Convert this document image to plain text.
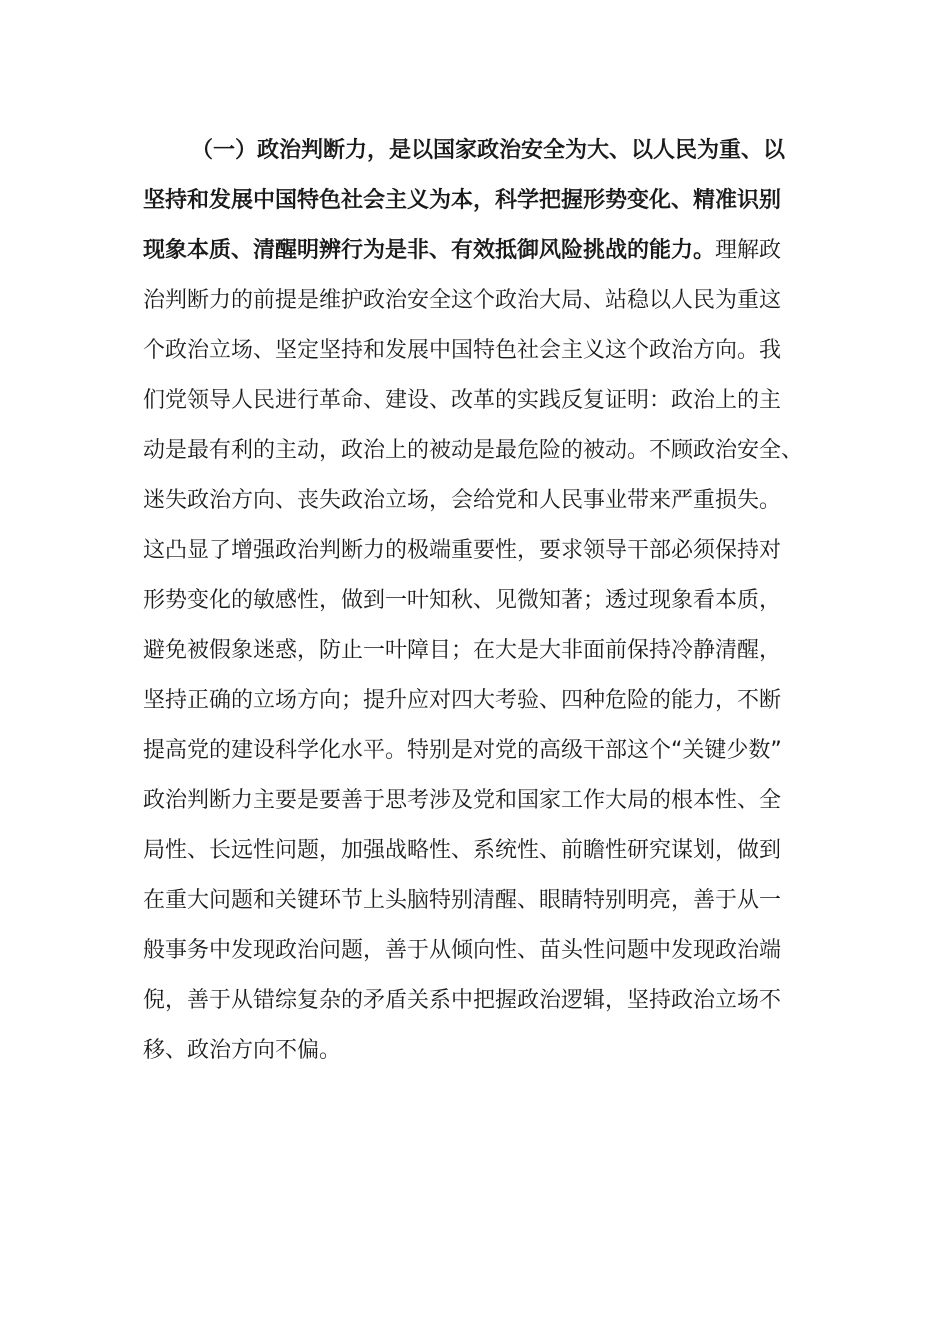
（一）政治判断力，是以国家政治安全为大、以人民为重、以
坚持和发展中国特色社会主义为本，科学把握形势变化、精准识别
现象本质、清醒明辨行为是非、有效抵御风险挑战的能力。理解政
治判断力的前提是维护政治安全这个政治大局、站稳以人民为重这
个政治立场、坚定坚持和发展中国特色社会主义这个政治方向。我
们党领导人民进行革命、建设、改革的实践反复证明：政治上的主
动是最有利的主动，政治上的被动是最危险的被动。不顾政治安全、
迷失政治方向、丧失政治立场，会给党和人民事业带来严重损失。
这凸显了增强政治判断力的极端重要性，要求领导干部必须保持对
形势变化的敏感性，做到一叶知秋、见微知著；透过现象看本质，
避免被假象迷惑，防止一叶障目；在大是大非面前保持冷静清醒，
坚持正确的立场方向；提升应对四大考验、四种危险的能力，不断
提高党的建设科学化水平。特别是对党的高级干部这个“关键少数”
政治判断力主要是要善于思考涉及党和国家工作大局的根本性、全
局性、长远性问题，加强战略性、系统性、前瞻性研究谋划，做到
在重大问题和关键环节上头脑特别清醒、眼睛特别明亮，善于从一
般事务中发现政治问题，善于从倾向性、苗头性问题中发现政治端
倪，善于从错综复杂的矛盾关系中把握政治逻辑，坚持政治立场不
移、政治方向不偏。
